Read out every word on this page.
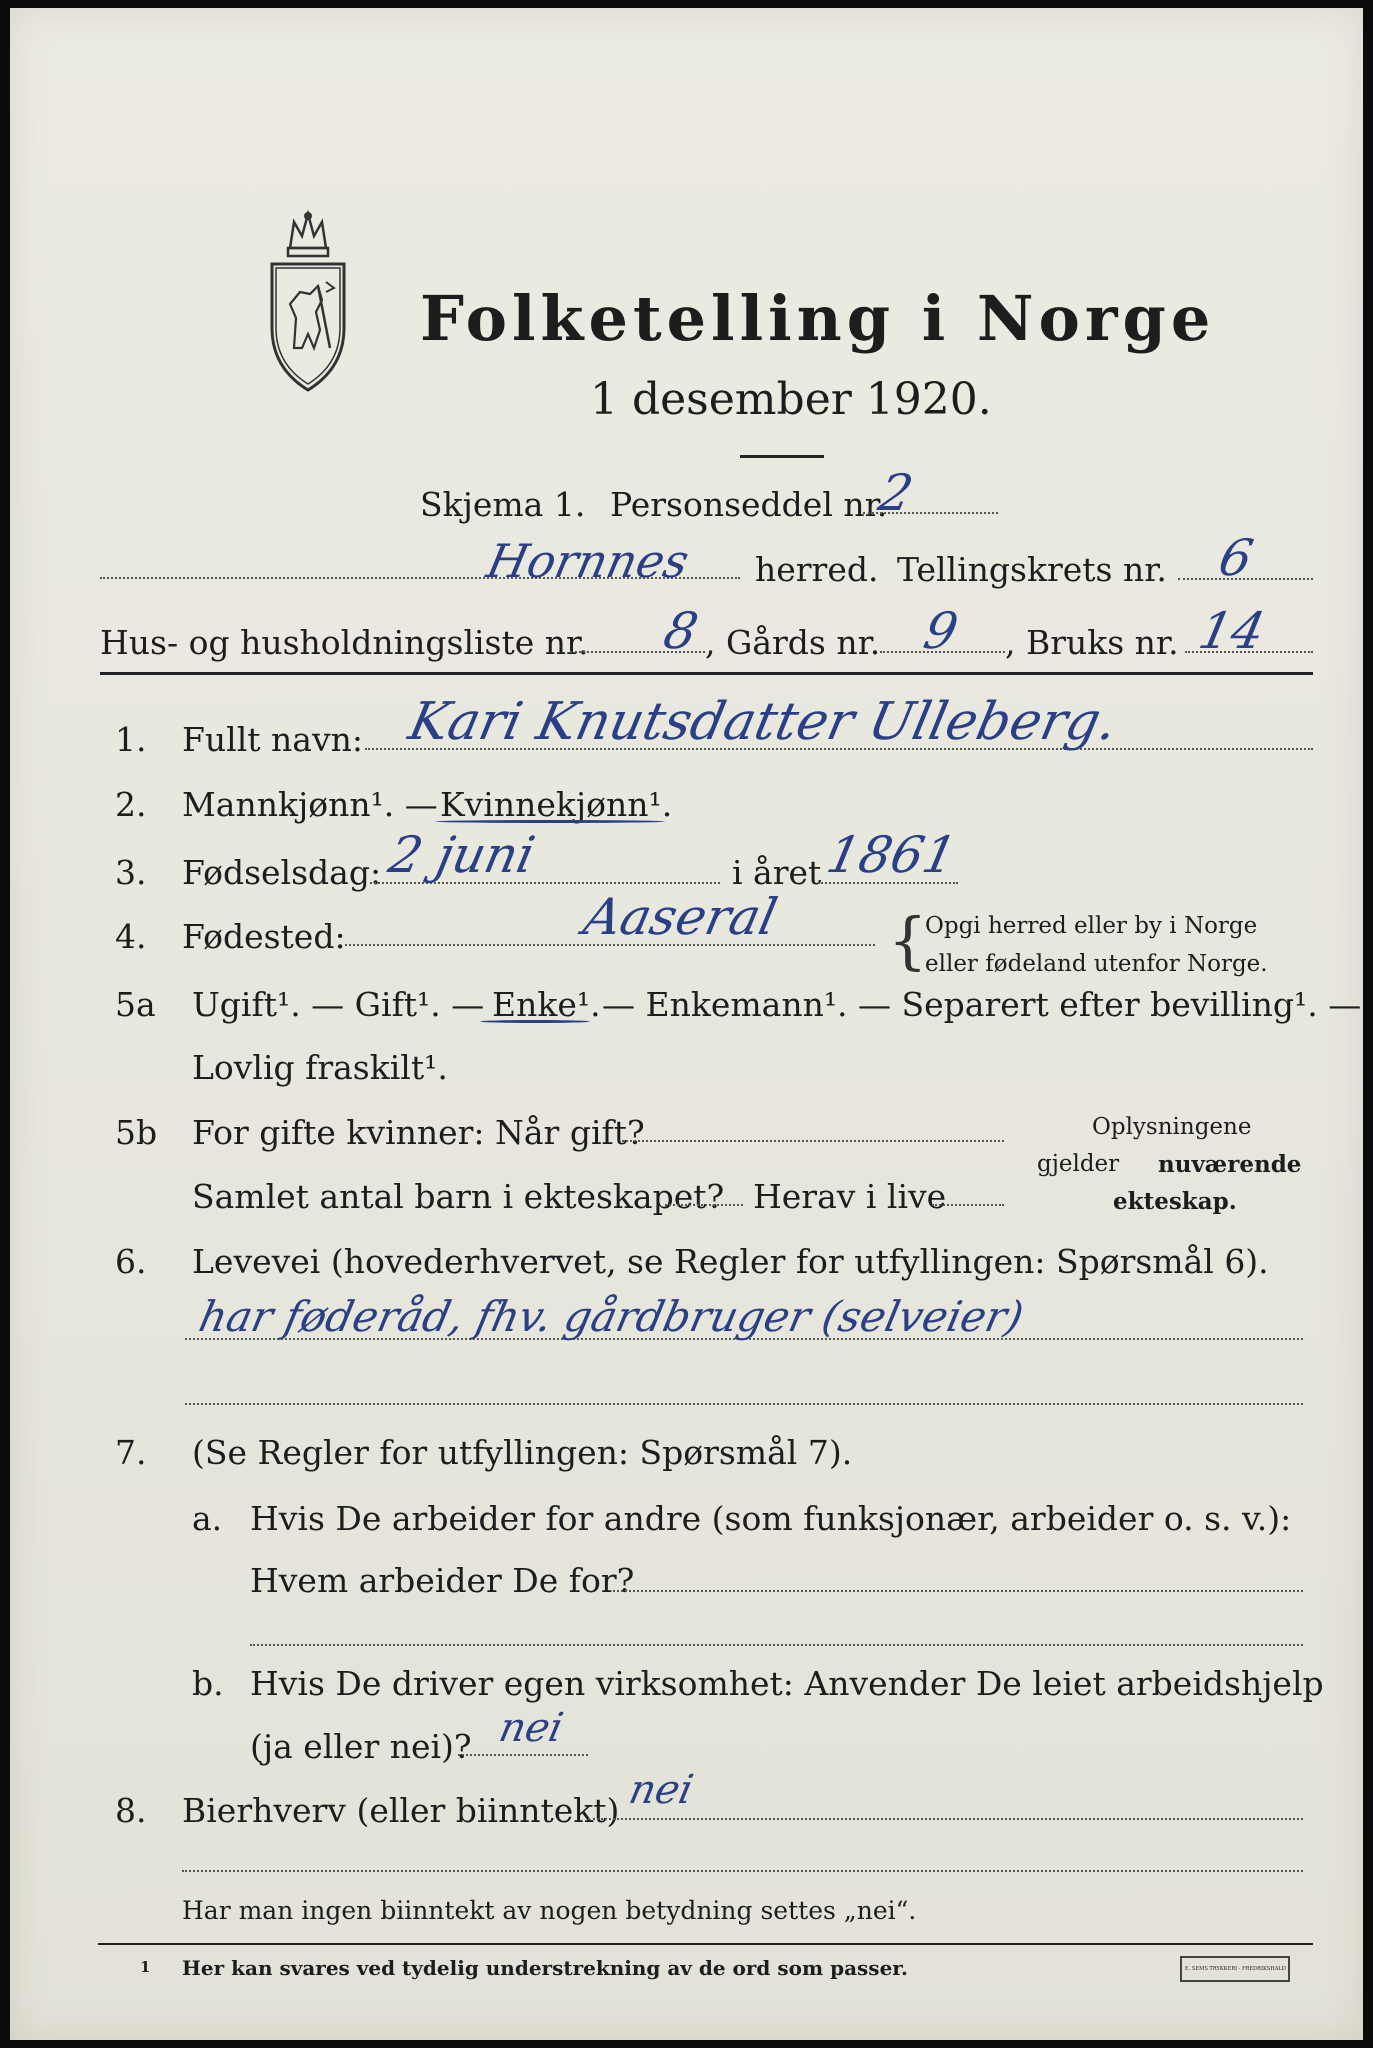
Folketelling i Norge
1 desember 1920.
Skjema 1. Personseddel nr.
2
Hornnes herred. Tellingskrets nr. 6
Hus- og husholdningsliste nr. 8 , Gårds nr. 9 , Bruks nr. 14
1. Fullt navn: Kari Knutsdatter Ulleberg.
2. Mannkjønn¹. — Kvinnekjønn¹.
3. Fødselsdag: 2 juni	i året 1861
4. Fødested:	Aaseral {
Opgi herred eller by i Norge
eller fødeland utenfor Norge.
5a Ugift¹. — Gift¹. — Enke¹. — Enkemann¹. — Separert efter bevilling¹. —
Lovlig fraskilt¹.
5b For gifte kvinner: Når gift?
Samlet antal barn i ekteskapet? Herav i live
Oplysningene
gjelder nuværende
ekteskap.
6. Levevei (hovederhvervet, se Regler for utfyllingen: Spørsmål 6).
har føderåd, fhv. gårdbruger (selveier)
7. (Se Regler for utfyllingen: Spørsmål 7).
a. Hvis De arbeider for andre (som funksjonær, arbeider o. s. v.):
Hvem arbeider De for?
b. Hvis De driver egen virksomhet: Anvender De leiet arbeidshjelp
(ja eller nei)? nei
8. Bierhverv (eller biinntekt) nei
Har man ingen biinntekt av nogen betydning settes „nei“.
1 Her kan svares ved tydelig understrekning av de ord som passer.	E. SEMS TRYKKERI · FREDRIKSHALD
